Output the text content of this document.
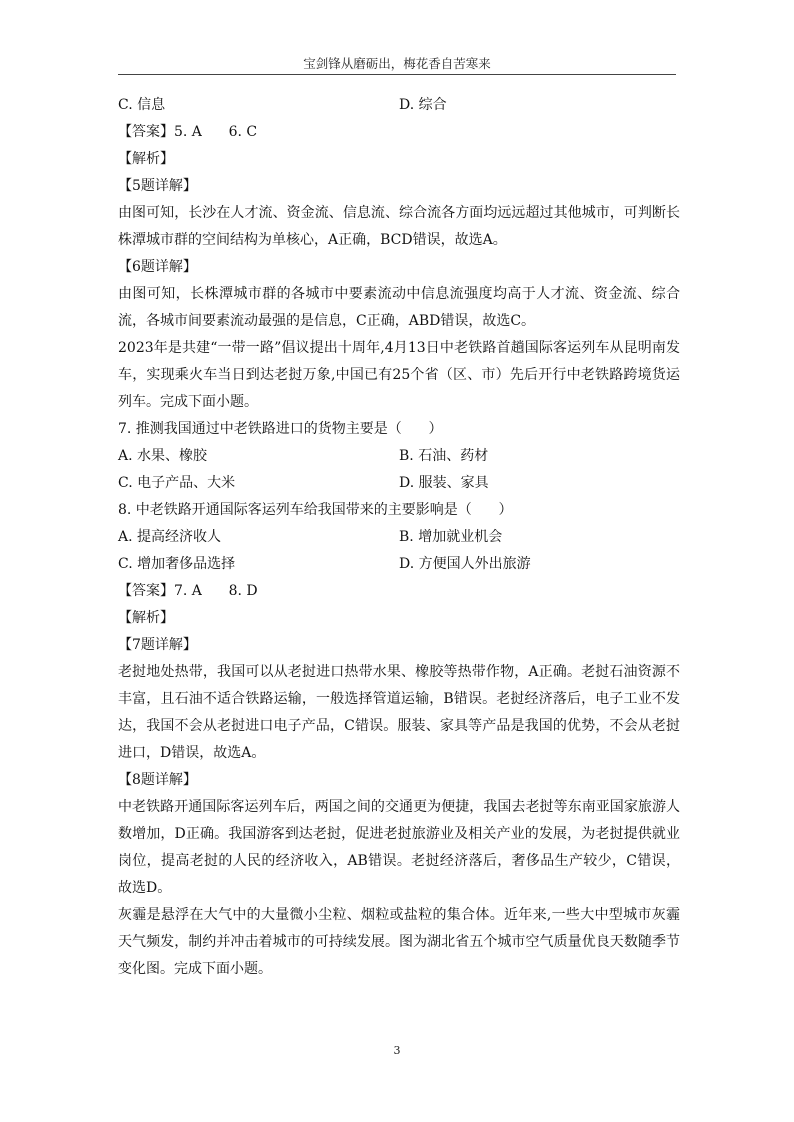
宝剑锋从磨砺出，梅花香自苦寒来
C. 信息	D. 综合
【答案】5. A      6. C
【解析】
【5题详解】
由图可知，长沙在人才流、资金流、信息流、综合流各方面均远远超过其他城市，可判断长株潭城市群的空间结构为单核心，A正确，BCD错误，故选A。
【6题详解】
由图可知，长株潭城市群的各城市中要素流动中信息流强度均高于人才流、资金流、综合流，各城市间要素流动最强的是信息，C正确，ABD错误，故选C。
2023年是共建“一带一路”倡议提出十周年,4月13日中老铁路首趟国际客运列车从昆明南发车，实现乘火车当日到达老挝万象,中国已有25个省（区、市）先后开行中老铁路跨境货运列车。完成下面小题。
7. 推测我国通过中老铁路进口的货物主要是（      ）
A. 水果、橡胶	B. 石油、药材
C. 电子产品、大米	D. 服装、家具
8. 中老铁路开通国际客运列车给我国带来的主要影响是（      ）
A. 提高经济收人	B. 增加就业机会
C. 增加奢侈品选择	D. 方便国人外出旅游
【答案】7. A      8. D
【解析】
【7题详解】
老挝地处热带，我国可以从老挝进口热带水果、橡胶等热带作物，A正确。老挝石油资源不丰富，且石油不适合铁路运输，一般选择管道运输，B错误。老挝经济落后，电子工业不发达，我国不会从老挝进口电子产品，C错误。服装、家具等产品是我国的优势，不会从老挝进口，D错误，故选A。
【8题详解】
中老铁路开通国际客运列车后，两国之间的交通更为便捷，我国去老挝等东南亚国家旅游人数增加，D正确。我国游客到达老挝，促进老挝旅游业及相关产业的发展，为老挝提供就业岗位，提高老挝的人民的经济收入，AB错误。老挝经济落后，奢侈品生产较少，C错误，故选D。
灰霾是悬浮在大气中的大量微小尘粒、烟粒或盐粒的集合体。近年来,一些大中型城市灰霾天气频发，制约并冲击着城市的可持续发展。图为湖北省五个城市空气质量优良天数随季节变化图。完成下面小题。
3
